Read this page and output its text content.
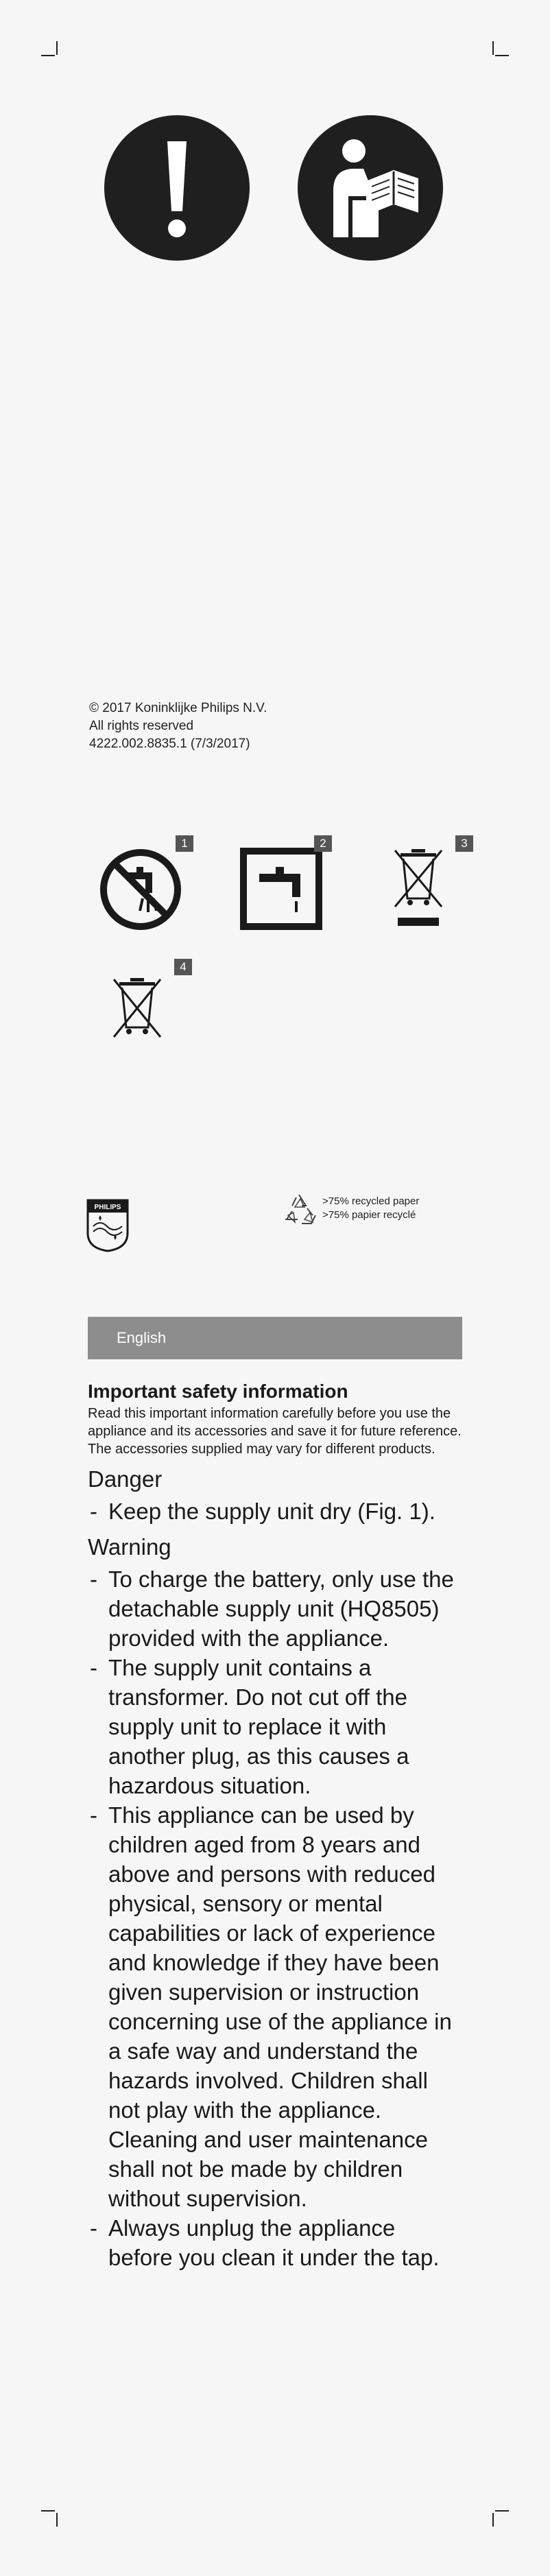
© 2017 Koninklijke Philips N.V.
All rights reserved
4222.002.8835.1 (7/3/2017)
1	2	3
4
PHILIPS
>75% recycled paper
>75% papier recyclé
English
Important safety information

Read this important information carefully before you use the appliance and its accessories and save it for future reference. The accessories supplied may vary for different products.

Danger
- Keep the supply unit dry (Fig. 1).
Warning
- To charge the battery, only use the detachable supply unit (HQ8505) provided with the appliance.
- The supply unit contains a transformer. Do not cut off the supply unit to replace it with another plug, as this causes a hazardous situation.
- This appliance can be used by children aged from 8 years and above and persons with reduced physical, sensory or mental capabilities or lack of experience and knowledge if they have been given supervision or instruction concerning use of the appliance in a safe way and understand the hazards involved. Children shall not play with the appliance. Cleaning and user maintenance shall not be made by children without supervision.
- Always unplug the appliance before you clean it under the tap.
